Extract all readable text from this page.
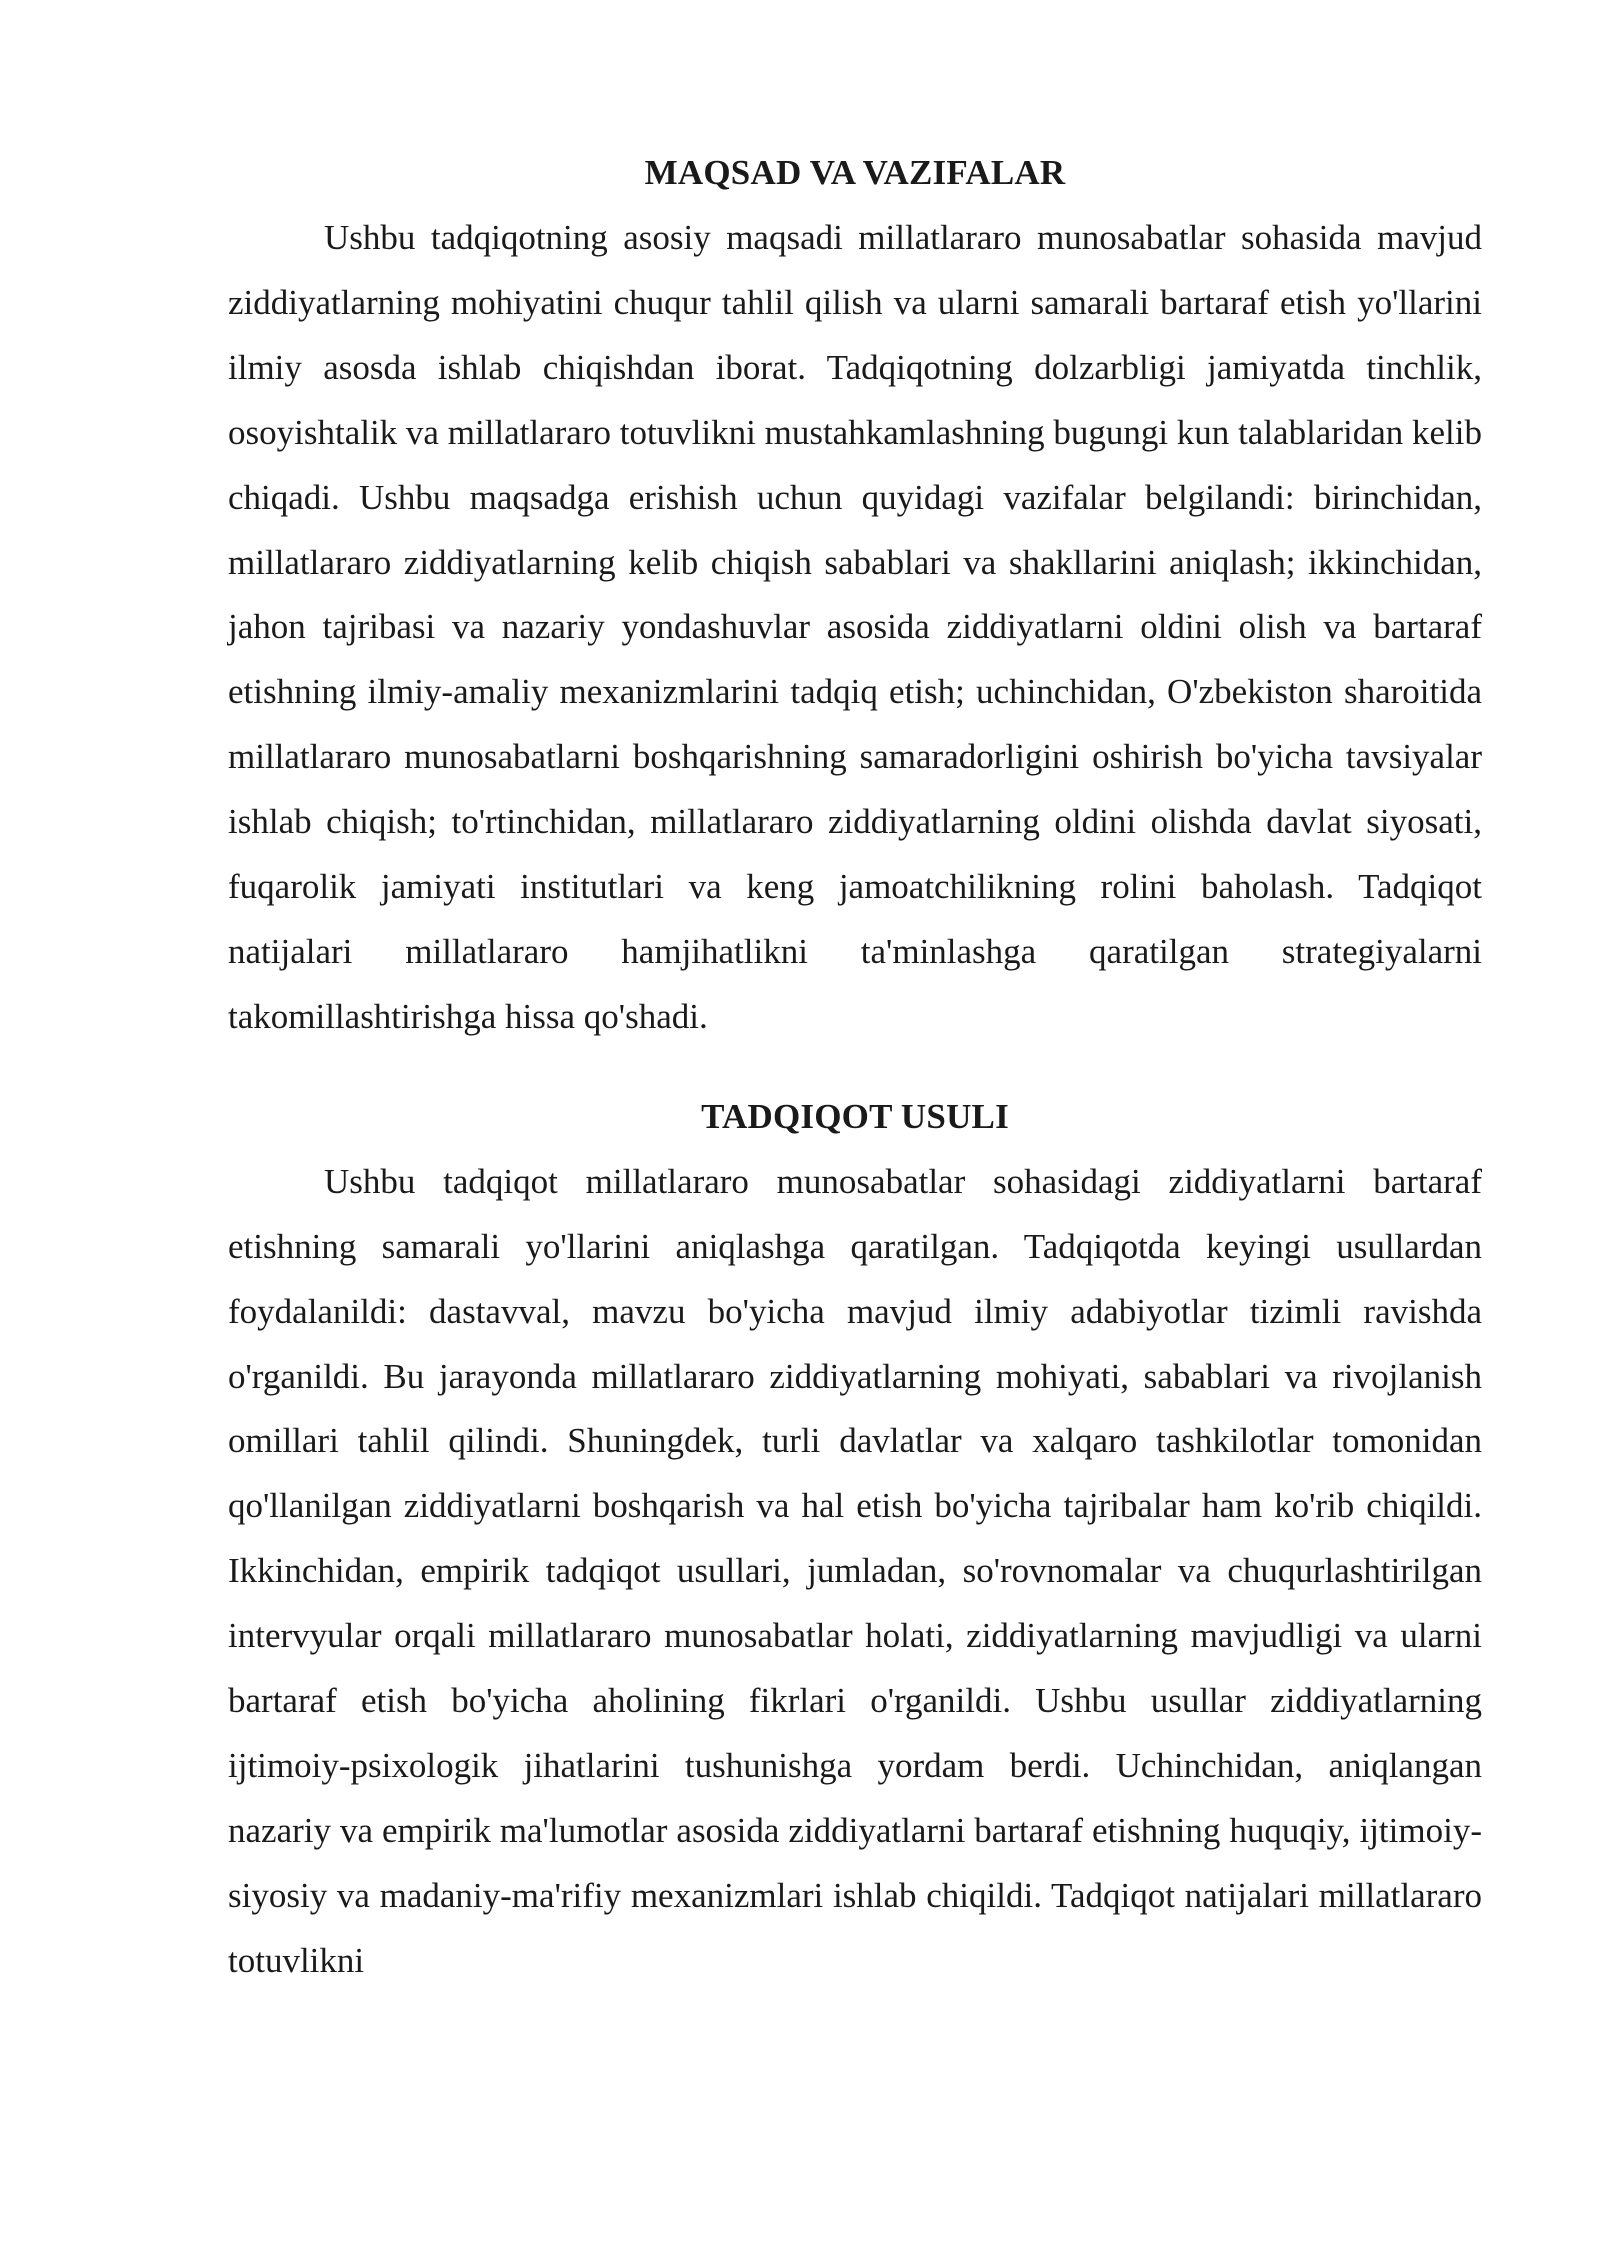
MAQSAD VA VAZIFALAR

Ushbu tadqiqotning asosiy maqsadi millatlararo munosabatlar sohasida mavjud ziddiyatlarning mohiyatini chuqur tahlil qilish va ularni samarali bartaraf etish yo'llarini ilmiy asosda ishlab chiqishdan iborat. Tadqiqotning dolzarbligi jamiyatda tinchlik, osoyishtalik va millatlararo totuvlikni mustahkamlashning bugungi kun talablaridan kelib chiqadi. Ushbu maqsadga erishish uchun quyidagi vazifalar belgilandi: birinchidan, millatlararo ziddiyatlarning kelib chiqish sabablari va shakllarini aniqlash; ikkinchidan, jahon tajribasi va nazariy yondashuvlar asosida ziddiyatlarni oldini olish va bartaraf etishning ilmiy-amaliy mexanizmlarini tadqiq etish; uchinchidan, O'zbekiston sharoitida millatlararo munosabatlarni boshqarishning samaradorligini oshirish bo'yicha tavsiyalar ishlab chiqish; to'rtinchidan, millatlararo ziddiyatlarning oldini olishda davlat siyosati, fuqarolik jamiyati institutlari va keng jamoatchilikning rolini baholash. Tadqiqot natijalari millatlararo hamjihatlikni ta'minlashga qaratilgan strategiyalarni takomillashtirishga hissa qo'shadi.

TADQIQOT USULI

Ushbu tadqiqot millatlararo munosabatlar sohasidagi ziddiyatlarni bartaraf etishning samarali yo'llarini aniqlashga qaratilgan. Tadqiqotda keyingi usullardan foydalanildi: dastavval, mavzu bo'yicha mavjud ilmiy adabiyotlar tizimli ravishda o'rganildi. Bu jarayonda millatlararo ziddiyatlarning mohiyati, sabablari va rivojlanish omillari tahlil qilindi. Shuningdek, turli davlatlar va xalqaro tashkilotlar tomonidan qo'llanilgan ziddiyatlarni boshqarish va hal etish bo'yicha tajribalar ham ko'rib chiqildi. Ikkinchidan, empirik tadqiqot usullari, jumladan, so'rovnomalar va chuqurlashtirilgan intervyular orqali millatlararo munosabatlar holati, ziddiyatlarning mavjudligi va ularni bartaraf etish bo'yicha aholining fikrlari o'rganildi. Ushbu usullar ziddiyatlarning ijtimoiy-psixologik jihatlarini tushunishga yordam berdi. Uchinchidan, aniqlangan nazariy va empirik ma'lumotlar asosida ziddiyatlarni bartaraf etishning huquqiy, ijtimoiy-siyosiy va madaniy-ma'rifiy mexanizmlari ishlab chiqildi. Tadqiqot natijalari millatlararo totuvlikni
